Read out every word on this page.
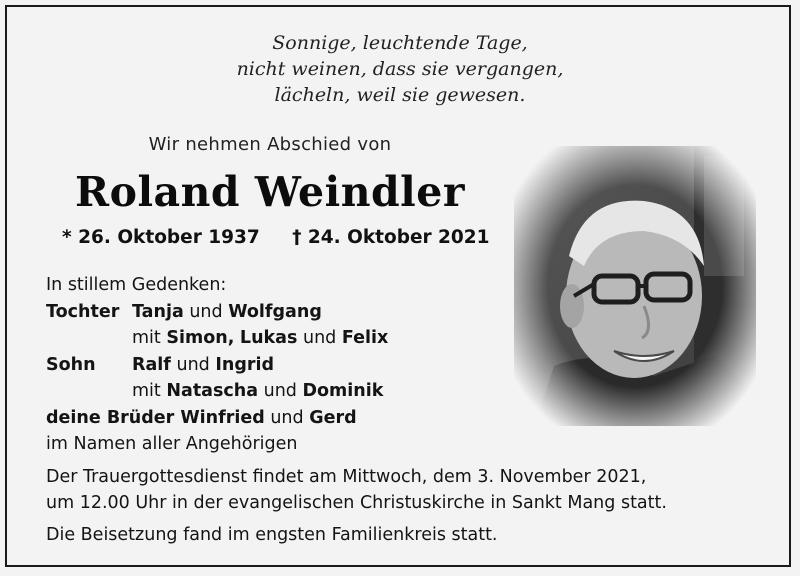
Sonnige, leuchtende Tage,
nicht weinen, dass sie vergangen,
lächeln, weil sie gewesen.
Wir nehmen Abschied von
Roland Weindler
* 26. Oktober 1937 † 24. Oktober 2021
In stillem Gedenken:
Tochter Tanja und Wolfgang
mit Simon, Lukas und Felix
Sohn Ralf und Ingrid
mit Natascha und Dominik
deine Brüder Winfried und Gerd
im Namen aller Angehörigen

Der Trauergottesdienst findet am Mittwoch, dem 3. November 2021,

um 12.00 Uhr in der evangelischen Christuskirche in Sankt Mang statt.

Die Beisetzung fand im engsten Familienkreis statt.
